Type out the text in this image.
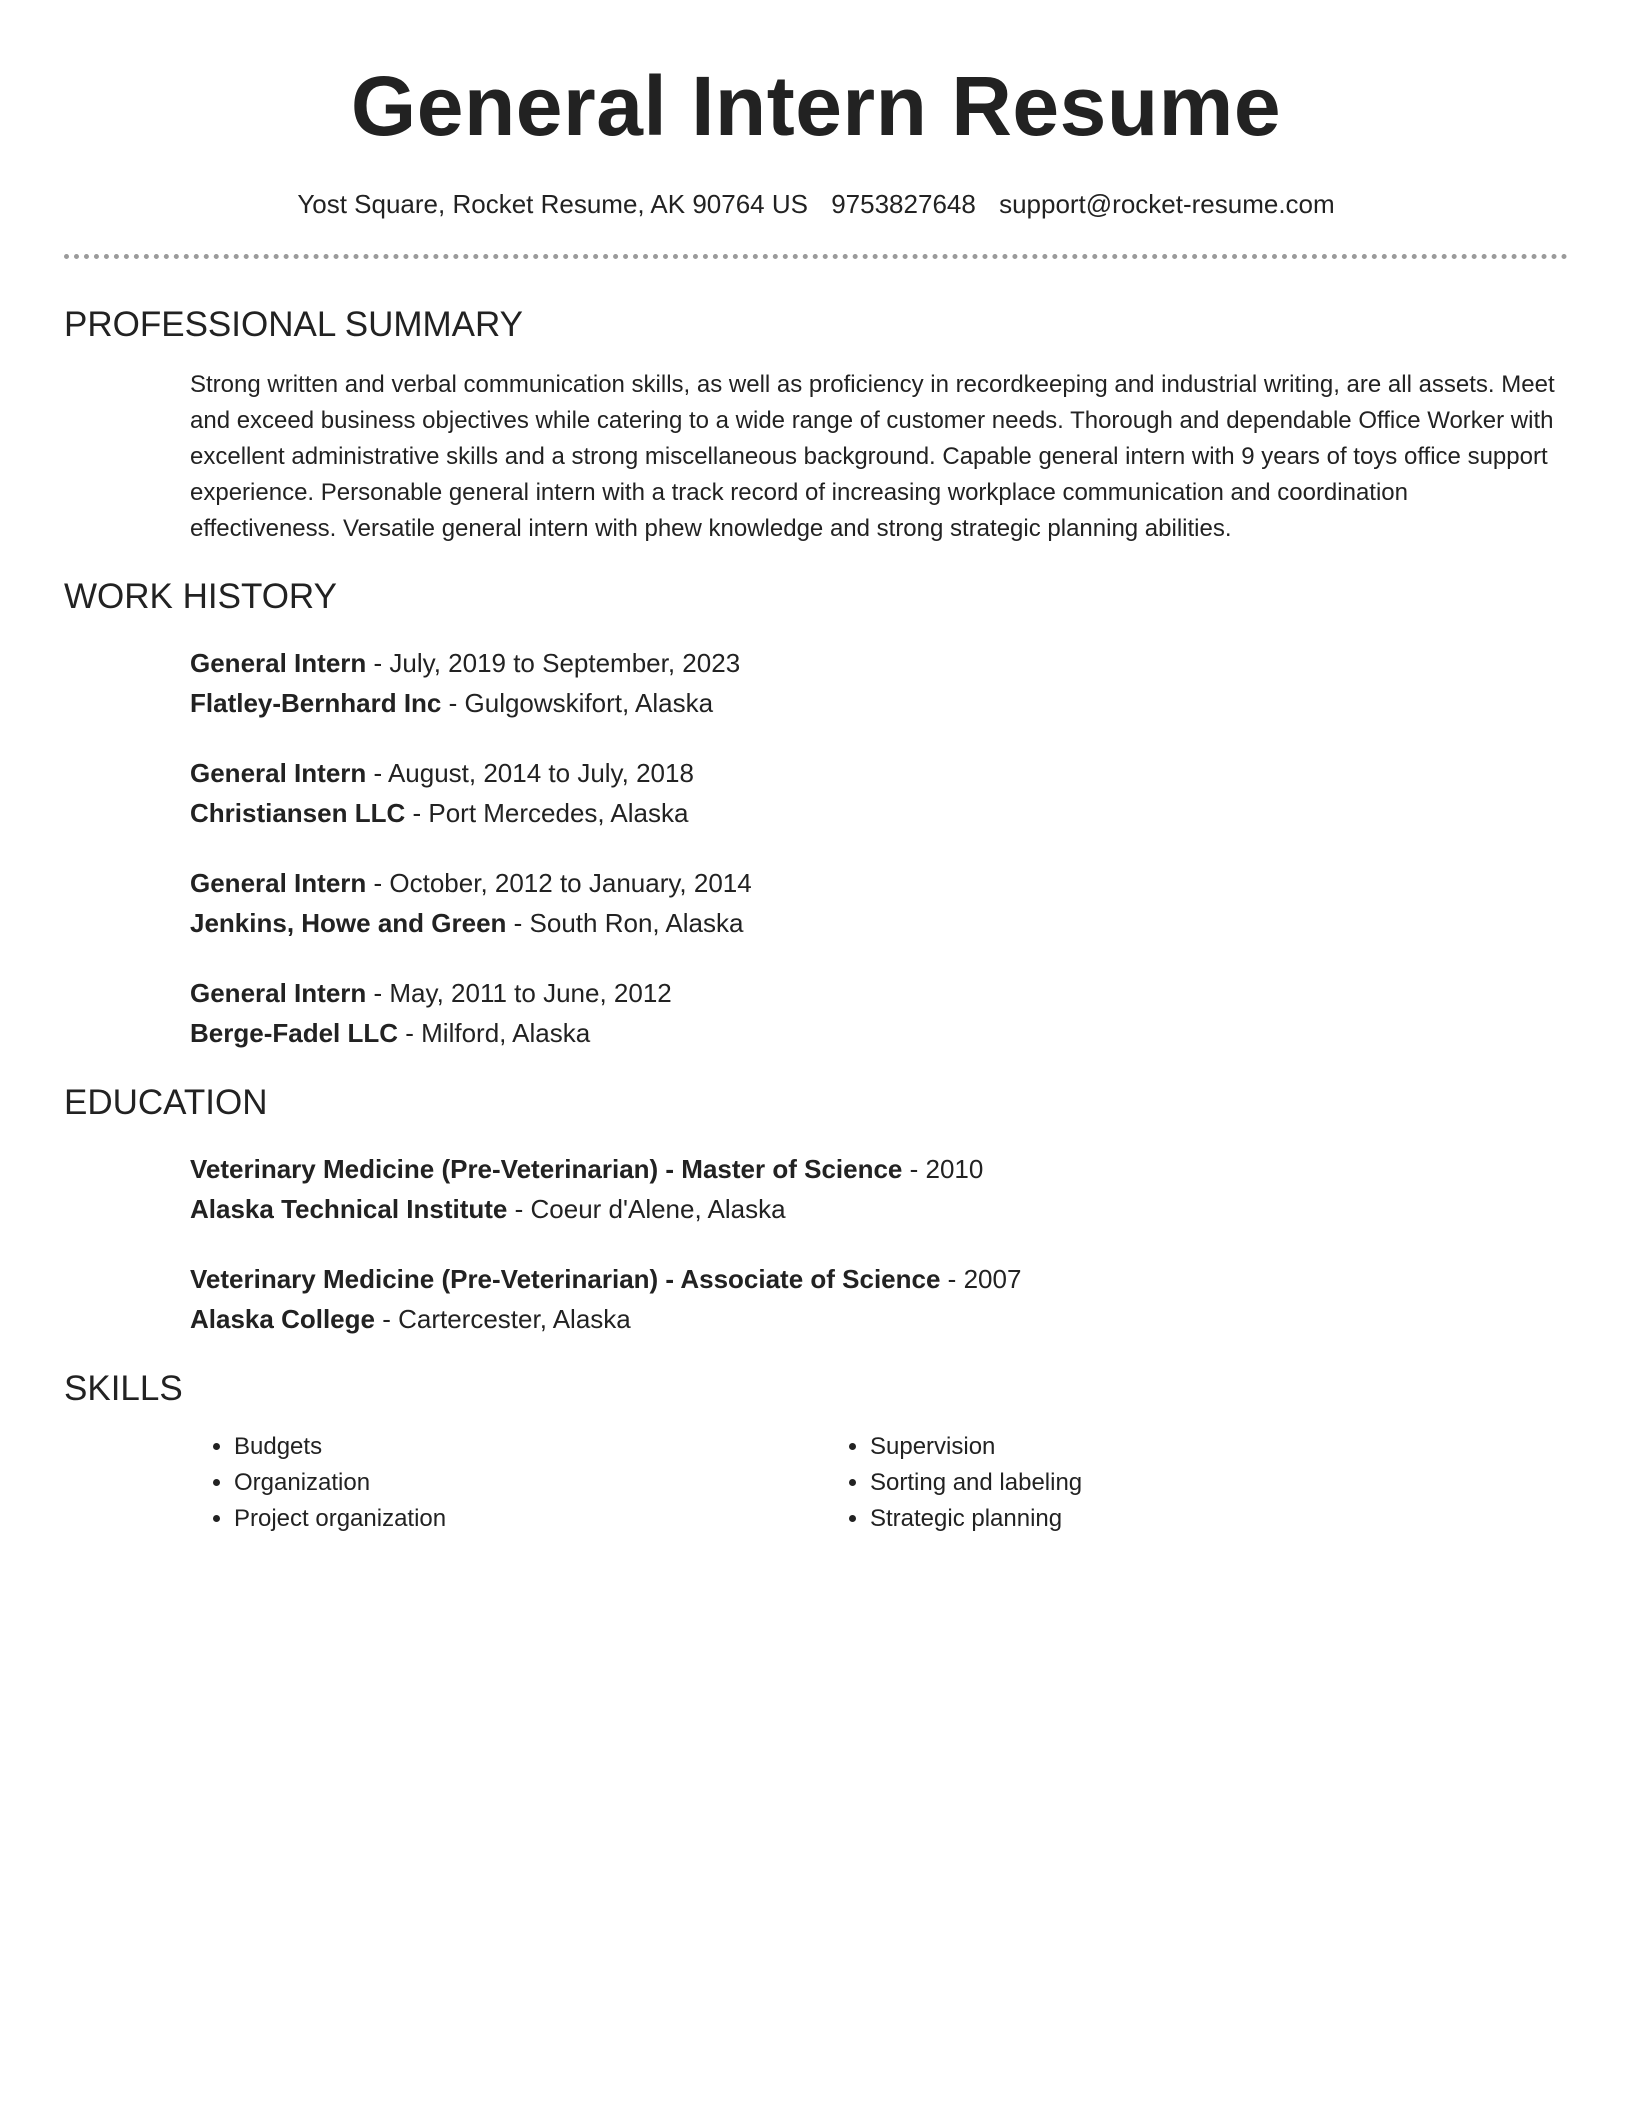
General Intern Resume
Yost Square, Rocket Resume, AK 90764 US 9753827648 support@rocket-resume.com
PROFESSIONAL SUMMARY

Strong written and verbal communication skills, as well as proficiency in recordkeeping and industrial writing, are all assets. Meet and exceed business objectives while catering to a wide range of customer needs. Thorough and dependable Office Worker with excellent administrative skills and a strong miscellaneous background. Capable general intern with 9 years of toys office support experience. Personable general intern with a track record of increasing workplace communication and coordination effectiveness. Versatile general intern with phew knowledge and strong strategic planning abilities.

WORK HISTORY
General Intern - July, 2019 to September, 2023
Flatley-Bernhard Inc - Gulgowskifort, Alaska
General Intern - August, 2014 to July, 2018
Christiansen LLC - Port Mercedes, Alaska
General Intern - October, 2012 to January, 2014
Jenkins, Howe and Green - South Ron, Alaska
General Intern - May, 2011 to June, 2012
Berge-Fadel LLC - Milford, Alaska
EDUCATION
Veterinary Medicine (Pre-Veterinarian) - Master of Science - 2010
Alaska Technical Institute - Coeur d'Alene, Alaska
Veterinary Medicine (Pre-Veterinarian) - Associate of Science - 2007
Alaska College - Cartercester, Alaska
SKILLS
• Budgets
• Organization
• Project organization
• Supervision
• Sorting and labeling
• Strategic planning
